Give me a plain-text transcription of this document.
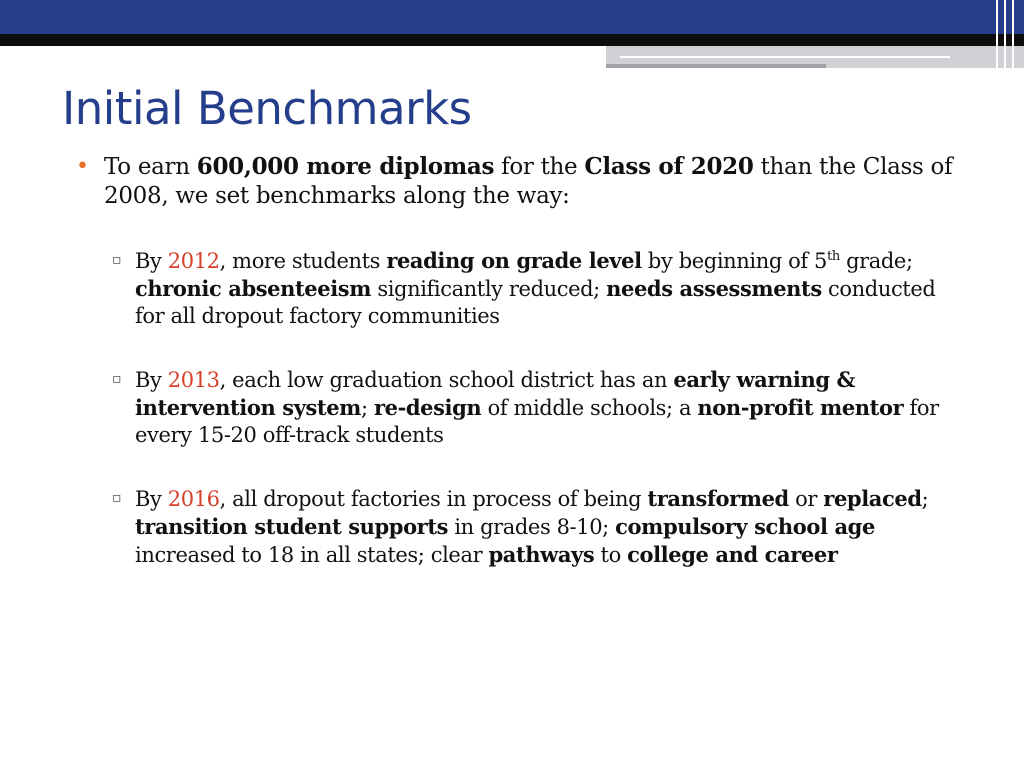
Initial Benchmarks
• To earn 600,000 more diplomas for the Class of 2020 than the Class of 2008, we set benchmarks along the way:
▫ By 2012, more students reading on grade level by beginning of 5th grade; chronic absenteeism significantly reduced; needs assessments conducted for all dropout factory communities
▫ By 2013, each low graduation school district has an early warning & intervention system; re-design of middle schools; a non-profit mentor for every 15-20 off-track students
▫ By 2016, all dropout factories in process of being transformed or replaced; transition student supports in grades 8-10; compulsory school age increased to 18 in all states; clear pathways to college and career
